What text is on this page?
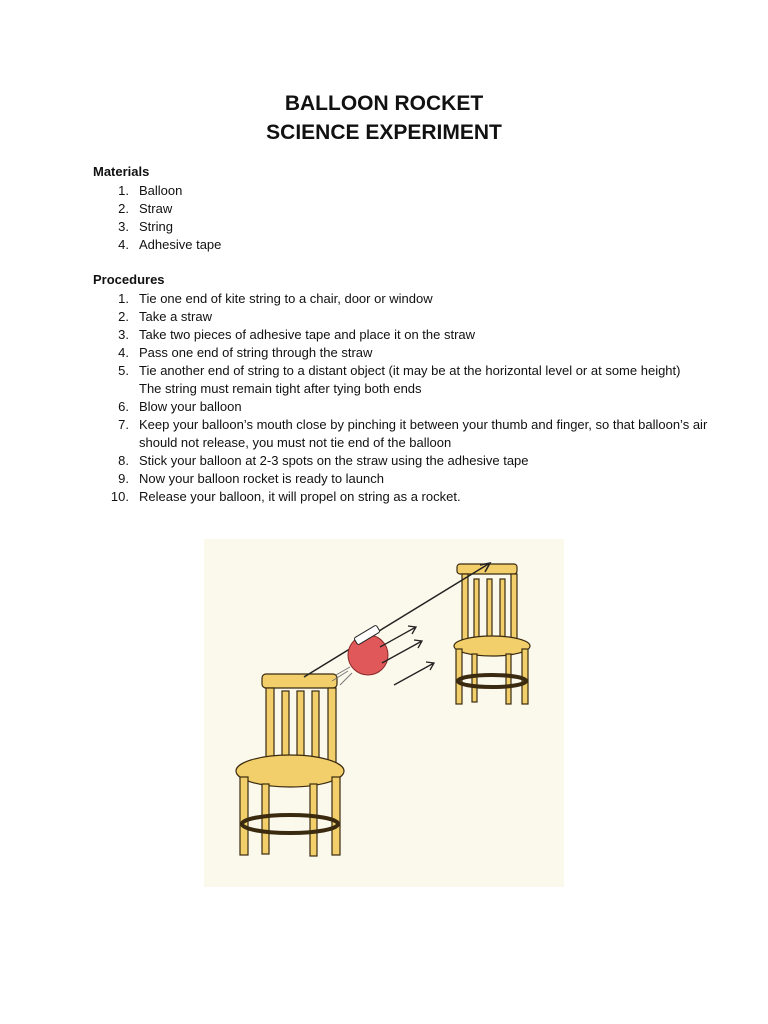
BALLOON ROCKET
SCIENCE EXPERIMENT
Materials
1. Balloon
2. Straw
3. String
4. Adhesive tape
Procedures
1. Tie one end of kite string to a chair, door or window
2. Take a straw
3. Take two pieces of adhesive tape and place it on the straw
4. Pass one end of string through the straw
5. Tie another end of string to a distant object (it may be at the horizontal level or at some height)
The string must remain tight after tying both ends
6. Blow your balloon
7. Keep your balloon’s mouth close by pinching it between your thumb and finger, so that balloon’s air should not release, you must not tie end of the balloon
8. Stick your balloon at 2-3 spots on the straw using the adhesive tape
9. Now your balloon rocket is ready to launch
10. Release your balloon, it will propel on string as a rocket.
